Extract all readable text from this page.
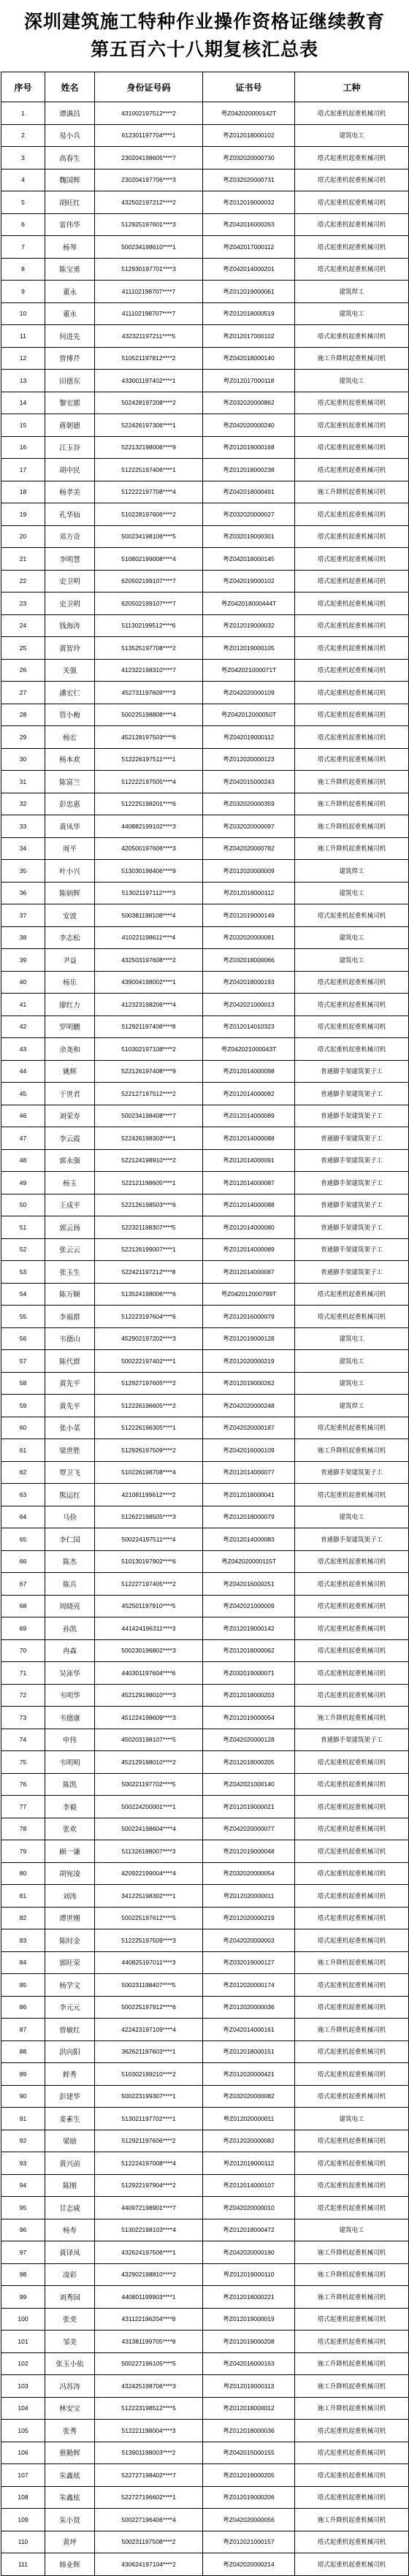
深圳建筑施工特种作业操作资格证继续教育
第五百六十八期复核汇总表
序号	姓名	身份证号码	证书号	工种
1	谭满昌	431002197512****2	粤Z042020000142T	塔式起重机起重机械司机
2	易小兵	612301197704****1	粤Z012018000102	建筑电工
3	高春生	230204198605****7	粤Z032020000730	塔式起重机起重机械司机
4	魏国辉	230204197706****3	粤Z032020000731	塔式起重机起重机械司机
5	胡旺红	432502197212****2	粤Z012019000032	塔式起重机起重机械司机
6	雷伟华	512925197601****3	粤Z042016000263	塔式起重机起重机械司机
7	杨琴	500234198610****1	粤Z042017000112	塔式起重机起重机械司机
8	陈宝勇	512930197701****3	粤Z042014000201	塔式起重机起重机械司机
9	董永	411102198707****7	粤Z012019000061	建筑焊工
10	董永	411102198707****7	粤Z012018000519	建筑电工
11	何进先	432321197211****5	粤Z012017000102	塔式起重机起重机械司机
12	曾博芹	510521197812****2	粤Z042018000140	施工升降机起重机械司机
13	田德东	433001197402****1	粤Z012017000118	建筑电工
14	黎宏都	502428197208****2	粤Z032020000862	塔式起重机起重机械司机
15	蒋朝德	522426197306****1	粤Z042020000240	塔式起重机起重机械司机
16	江玉谷	522132198006****9	粤Z012019000168	塔式起重机起重机械司机
17	胡中民	512225197406****1	粤Z012018000238	塔式起重机起重机械司机
18	杨孝美	512222197708****4	粤Z042018000491	施工升降机起重机械司机
19	孔华仙	510228197606****2	粤Z032020000027	塔式起重机起重机械司机
20	邓方奇	500234198106****5	粤Z032019000301	塔式起重机起重机械司机
21	李明慧	510802199008****4	粤Z042018000145	塔式起重机起重机械司机
22	史卫明	620502199107****7	粤Z042019000102	塔式起重机起重机械司机
23	史卫明	620502199107****7	粤Z042018000444T	塔式起重机起重机械司机
24	钱海涛	511302199512****6	粤Z012019000032	塔式起重机起重机械司机
25	黄智玲	513525197708****2	粤Z012019000105	塔式起重机起重机械司机
26	关强	412322198310****7	粤Z042021000071T	塔式起重机起重机械司机
27	潘宏仁	452731197609****3	粤Z042020000109	塔式起重机起重机械司机
28	管小梅	500225198808****4	粤Z042012000050T	塔式起重机起重机械司机
29	杨宏	452128197503****6	粤Z042019000112	塔式起重机起重机械司机
30	杨本欢	512226197511****1	粤Z012020000123	塔式起重机起重机械司机
31	陈富兰	512222197505****4	粤Z042015000243	施工升降机起重机械司机
32	彭忠惠	512225198201****6	粤Z032020000359	施工升降机起重机械司机
33	黄凤华	440882199102****3	粤Z032020000097	施工升降机起重机械司机
34	周平	420500197606****3	粤Z042020000782	施工升降机起重机械司机
35	叶小兴	513030198406****9	粤Z012020000009	建筑焊工
36	陈炳辉	513021197112****3	粤Z012018000112	建筑电工
37	安波	500381198108****4	粤Z012019000149	塔式起重机起重机械司机
38	李志松	410221198611****4	粤Z032020000081	建筑电工
39	尹益	432503197608****2	粤Z032018000066	建筑电工
40	杨乐	439004198002****1	粤Z042018000193	塔式起重机起重机械司机
41	廖红力	412323198206****4	粤Z042021000013	塔式起重机起重机械司机
42	罗明鹏	512921197408****8	粤Z012014010323	塔式起重机起重机械司机
43	余尧和	510302197108****2	粤Z042021000043T	塔式起重机起重机械司机
44	姚辉	522126197408****9	粤Z012014000098	普通脚手架建筑架子工
45	于世君	522127197512****2	粤Z012014000082	普通脚手架建筑架子工
46	刘荣寿	500234198408****7	粤Z012014000089	普通脚手架建筑架子工
47	李云霞	522426198303****1	粤Z012014000088	普通脚手架建筑架子工
48	郭永强	522124198910****2	粤Z012014000091	普通脚手架建筑架子工
49	杨玉	522121198605****1	粤Z012014000087	普通脚手架建筑架子工
50	王成平	522126198503****6	粤Z012014000088	普通脚手架建筑架子工
51	郭云扬	522321198307****5	粤Z012014000080	普通脚手架建筑架子工
52	张云云	522126199007****1	粤Z012014000089	普通脚手架建筑架子工
53	张玉生	522421197212****8	粤Z012014000087	普通脚手架建筑架子工
54	陈万顺	513524198006****6	粤Z042012000799T	塔式起重机起重机械司机
55	李福群	512223197604****6	粤Z012016000079	塔式起重机起重机械司机
56	韦德山	452902197202****3	粤Z012019000128	建筑电工
57	陈代群	500222197402****1	粤Z012020000219	建筑电工
58	黄先平	512927197605****2	粤Z012019000262	建筑电工
59	黄先平	512226196605****2	粤Z042020000248	建筑焊工
60	张小菜	512226196305****1	粤Z042020000187	塔式起重机起重机械司机
61	梁世胜	512926197509****2	粤Z042016000109	施工升降机起重机械司机
62	覃卫飞	510226198708****4	粤Z012014000077	普通脚手架建筑架子工
63	熊运红	421081199612****2	粤Z012018000041	塔式起重机起重机械司机
64	马俭	512622198505****3	粤Z012018000079	建筑电工
65	李仁国	500224197511****4	粤Z012014000083	普通脚手架建筑架子工
66	陈杰	510130197902****6	粤Z042020000115T	塔式起重机起重机械司机
67	陈兵	512227197405****2	粤Z042016000251	塔式起重机起重机械司机
68	周晓亮	452501197910****5	粤Z042021000009	塔式起重机起重机械司机
69	孙凯	441424196311****3	粤Z012019000142	塔式起重机起重机械司机
70	冉森	500230196802****3	粤Z012018000062	塔式起重机起重机械司机
71	吴沛华	440301197604****6	粤Z032019000071	塔式起重机起重机械司机
72	韦明华	452129198010****3	粤Z012018000203	塔式起重机起重机械司机
73	韦德康	451224198609****3	粤Z012019000054	施工升降机起重机械司机
74	申伟	450203198107****5	粤Z042020000128	普通脚手架建筑架子工
75	韦明明	452129198010****2	粤Z012018000205	塔式起重机起重机械司机
76	陈凯	500221197702****5	粤Z042021000140	塔式起重机起重机械司机
77	李毅	500224200001****1	粤Z012019000021	塔式起重机起重机械司机
78	张欢	500224198604****4	粤Z042020000077	塔式起重机起重机械司机
79	顾一谦	511326198007****3	粤Z012019000048	塔式起重机起重机械司机
80	胡宛凌	420922199004****4	粤Z032020000054	塔式起重机起重机械司机
81	刘涛	341225198302****1	粤Z012020000011	塔式起重机起重机械司机
82	谭世刚	500225197612****5	粤Z012020000219	塔式起重机起重机械司机
83	陈时金	512225197509****3	粤Z042020000003	塔式起重机起重机械司机
84	郭旺荣	440825197011****3	粤Z032019000127	施工升降机起重机械司机
85	杨学文	500231198407****5	粤Z012020000174	塔式起重机起重机械司机
86	李元元	500225197912****6	粤Z012020000036	塔式起重机起重机械司机
87	曾敏红	422423197109****4	粤Z042014000161	施工升降机起重机械司机
88	洪向阳	362621197603****1	粤Z012018000151	塔式起重机起重机械司机
89	鲜秀	510302199210****2	粤Z012020000421	塔式起重机起重机械司机
90	彭建华	500223199307****1	粤Z032020000082	塔式起重机起重机械司机
91	姜素生	513021197702****1	粤Z012020000011	建筑电工
92	梁励	512921197606****2	粤Z012020000082	塔式起重机起重机械司机
93	黄兴前	512224197008****4	粤Z012019000112	塔式起重机起重机械司机
94	陈刚	512922197904****2	粤Z012014000107	塔式起重机起重机械司机
95	甘志威	440972198901****7	粤Z042020000010	塔式起重机起重机械司机
96	杨寿	513022198103****4	粤Z012018000472	建筑电工
97	黄译凤	432624197506****1	粤Z042020000190	施工升降机起重机械司机
98	凌彩	432902198810****2	粤Z012019000110	施工升降机起重机械司机
99	刘秀园	440801199903****1	粤Z012018000221	施工升降机起重机械司机
100	张奕	431122196204****8	粤Z012019000019	塔式起重机起重机械司机
101	邹美	431381199705****9	粤Z012019000208	塔式起重机起重机械司机
102	张玉小依	500227196105****5	粤Z042016000163	施工升降机起重机械司机
103	冯苏涛	432425198706****3	粤Z012019000113	施工升降机起重机械司机
104	林安宝	512223198512****5	粤Z012018000012	施工升降机起重机械司机
105	张秀	512221198004****3	粤Z012018000036	塔式起重机起重机械司机
106	蔡勤辉	513901198003****2	粤Z042015000155	塔式起重机起重机械司机
107	朱鑫炫	522727198402****7	粤Z012019000205	塔式起重机起重机械司机
108	朱鑫炫	522727196602****1	粤Z012019000206	塔式起重机起重机械司机
109	朱小贤	500227196406****4	粤Z042020000056	施工升降机起重机械司机
110	黄坪	500231197508****2	粤Z012021000157	塔式起重机起重机械司机
111	韩业辉	430624197104****2	粤Z042020000214	塔式起重机起重机械司机
